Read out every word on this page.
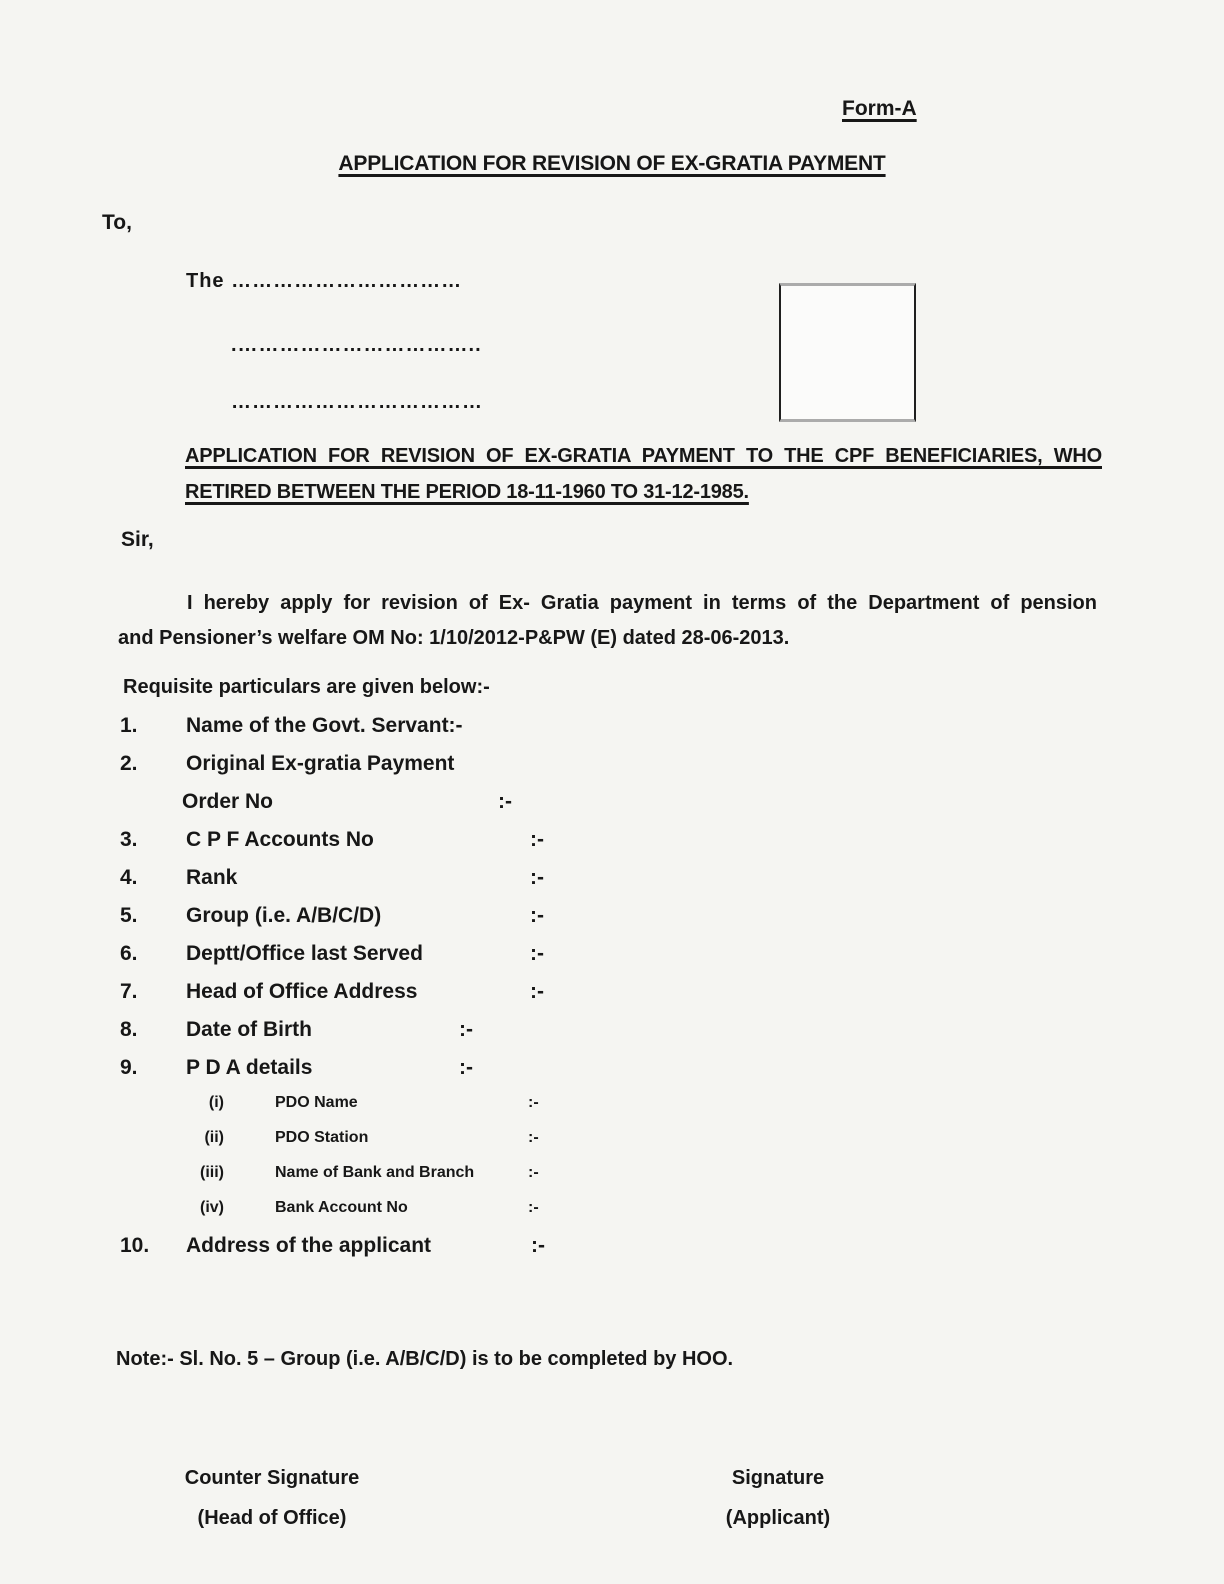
Form-A
APPLICATION FOR REVISION OF EX-GRATIA PAYMENT
To,
The ……………………………
.……………………………..
………………………………
APPLICATION FOR REVISION OF EX-GRATIA PAYMENT TO THE CPF BENEFICIARIES, WHO
RETIRED BETWEEN THE PERIOD 18-11-1960 TO 31-12-1985.
Sir,
I hereby apply for revision of Ex- Gratia payment in terms of the Department of pension
and Pensioner’s welfare OM No: 1/10/2012-P&PW (E) dated 28-06-2013.
Requisite particulars are given below:-
1. Name of the Govt. Servant:-
2. Original Ex-gratia Payment
Order No	:-
3. C P F Accounts No	:-
4. Rank	:-
5. Group (i.e. A/B/C/D)	:-
6. Deptt/Office last Served	:-
7. Head of Office Address	:-
8. Date of Birth	:-
9. P D A details	:-
(i)	PDO Name	:-
(ii)	PDO Station	:-
(iii)	Name of Bank and Branch	:-
(iv)	Bank Account No	:-
10. Address of the applicant	:-
Note:- Sl. No. 5 – Group (i.e. A/B/C/D) is to be completed by HOO.
Counter Signature
(Head of Office)
Signature
(Applicant)
